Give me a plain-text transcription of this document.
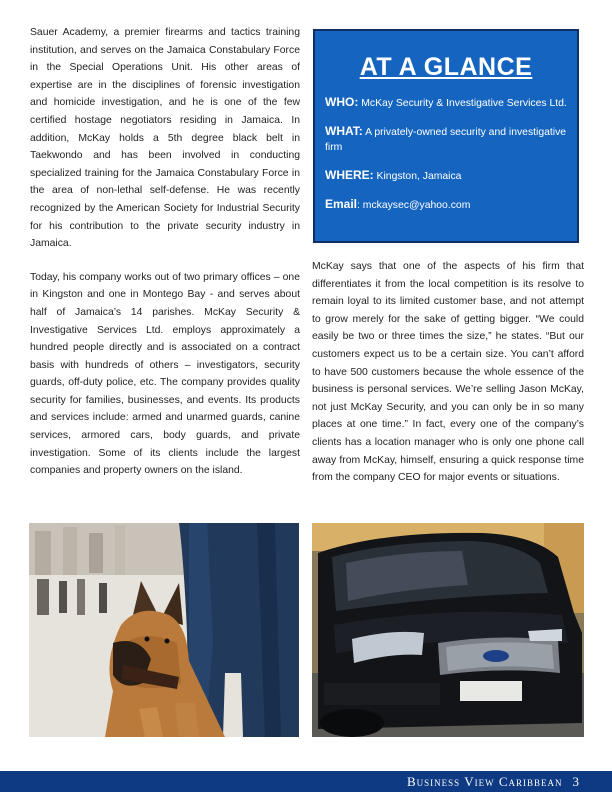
Sauer Academy, a premier firearms and tactics training institution, and serves on the Jamaica Constabulary Force in the Special Operations Unit. His other areas of expertise are in the disciplines of forensic investigation and homicide investigation, and he is one of the few certified hostage negotiators residing in Jamaica. In addition, McKay holds a 5th degree black belt in Taekwondo and has been involved in conducting specialized training for the Jamaica Constabulary Force in the area of non-lethal self-defense. He was recently recognized by the American Society for Industrial Security for his contribution to the private security industry in Jamaica.

Today, his company works out of two primary offices – one in Kingston and one in Montego Bay - and serves about half of Jamaica’s 14 parishes. McKay Security & Investigative Services Ltd. employs approximately a hundred people directly and is associated on a contract basis with hundreds of others – investigators, security guards, off-duty police, etc. The company provides quality security for families, businesses, and events. Its products and services include: armed and unarmed guards, canine services, armored cars, body guards, and private investigation. Some of its clients include the largest companies and property owners on the island.

AT A GLANCE
WHO: McKay Security & Investigative Services Ltd.
WHAT: A privately-owned security and investigative firm
WHERE: Kingston, Jamaica
Email: mckaysec@yahoo.com

McKay says that one of the aspects of his firm that differentiates it from the local competition is its resolve to remain loyal to its limited customer base, and not attempt to grow merely for the sake of getting bigger. “We could easily be two or three times the size,” he states. “But our customers expect us to be a certain size. You can’t afford to have 500 customers because the whole essence of the business is personal services. We’re selling Jason McKay, not just McKay Security, and you can only be in so many places at one time.” In fact, every one of the company’s clients has a location manager who is only one phone call away from McKay, himself, ensuring a quick response time from the company CEO for major events or situations.

Business View Caribbean 3
